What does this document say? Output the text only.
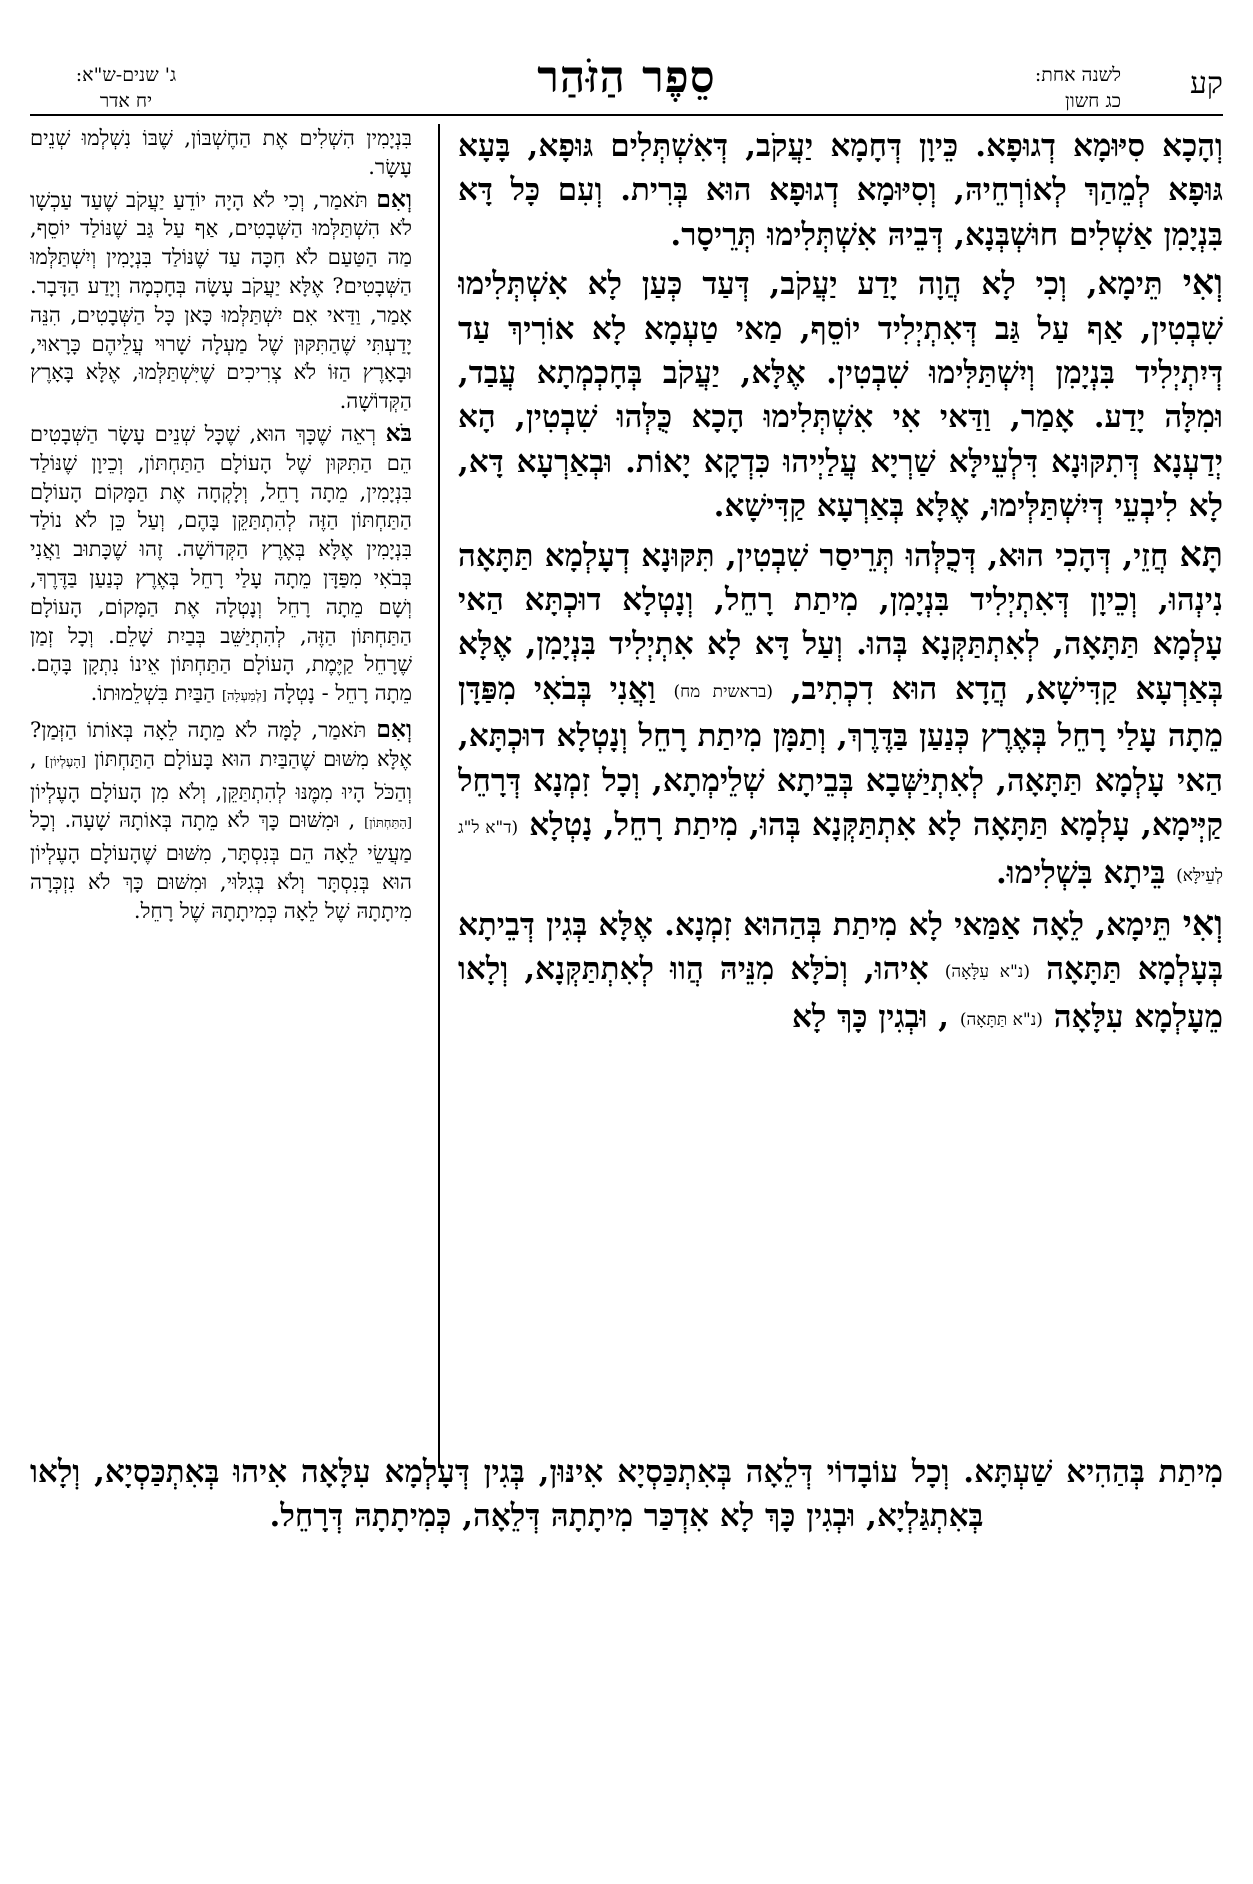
קע
לשנה אחת:
כג חשון
סֵפֶר הַזֹּהַר
ג' שנים-ש"א:
יח אדר

וְהָכָא סִיּוּמָא דְגוּפָא. כֵּיוָן דְּחָמָא יַעֲקֹב, דְּאִשְׁתְּלִים גּוּפָא, בָּעָא גּוּפָא לְמֵהַךְ לְאוֹרְחֵיהּ, וְסִיּוּמָא דְגוּפָא הוּא בְּרִית. וְעִם כָּל דָּא בִּנְיָמִן אַשְׁלִים חוּשְׁבְּנָא, דְּבֵיהּ אִשְׁתְּלִימוּ תְּרֵיסָר.

וְאִי תֵּימָא, וְכִי לָא הֲוָה יָדַע יַעֲקֹב, דְּעַד כְּעַן לָא אִשְׁתְּלִימוּ שִׁבְטִין, אַף עַל גַּב דְּאִתְיְלִיד יוֹסֵף, מַאי טַעְמָא לָא אוֹרִיךְ עַד דְּיִתְיְלִיד בִּנְיָמִן וְיִשְׁתַּלִּימוּ שִׁבְטִין. אֶלָּא, יַעֲקֹב בְּחָכְמְתָא עֲבַד, וּמִלָּה יָדַע. אָמַר, וַדַּאי אִי אִשְׁתְּלִימוּ הָכָא כֻּלְּהוּ שִׁבְטִין, הָא יְדַעְנָא דְּתִקּוּנָא דִּלְעֵילָּא שַׁרְיָא עֲלַיְיהוּ כִּדְקָא יָאוֹת. וּבְאַרְעָא דָּא, לָא לִיבְעֵי דְּיִשְׁתַּלְּימוּ, אֶלָּא בְּאַרְעָא קַדִּישָׁא.

תָּא חֲזֵי, דְּהָכִי הוּא, דְּכֻלְּהוּ תְּרֵיסַר שִׁבְטִין, תִּקּוּנָא דְעָלְמָא תַּתָּאָה נִינְהוּ, וְכֵיוָן דְּאִתְיְלִיד בִּנְיָמִן, מִיתַת רָחֵל, וְנָטְלָא דוּכְתָּא הַאי עָלְמָא תַּתָּאָה, לְאִתְתַּקְּנָא בְּהוּ. וְעַל דָּא לָא אִתְיְלִיד בִּנְיָמִן, אֶלָּא בְּאַרְעָא קַדִּישָׁא, הֲדָא הוּא דִכְתִיב, (בראשית מח) וַאֲנִי בְּבֹאִי מִפַּדָּן מֵתָה עָלַי רָחֵל בְּאֶרֶץ כְּנַעַן בַּדֶּרֶךְ, וְתַמָּן מִיתַת רָחֵל וְנָטְלָא דוּכְתָּא, הַאי עָלְמָא תַּתָּאָה, לְאִתְיַשְּׁבָא בְּבֵיתָא שְׁלֵימְתָא, וְכָל זִמְנָא דְּרָחֵל קַיְּימָא, עָלְמָא תַּתָּאָה לָא אִתְתַּקְּנָא בְּהוּ, מִיתַת רָחֵל, נָטְלָא (ד"א ל"ג לְעֵילָּא) בֵּיתָא בִּשְׁלִימוּ.

וְאִי תֵּימָא, לֵאָה אַמַּאי לָא מִיתַת בְּהַהוּא זִמְנָא. אֶלָּא בְּגִין דְּבֵיתָא בְּעָלְמָא תַּתָּאָה (נ"א עִלָּאָה) אִיהוּ, וְכֹלָּא מִנֵּיהּ הֲווּ לְאִתְתַּקְּנָא, וְלָאו מֵעָלְמָא עִלָּאָה (נ"א תַּתָּאָה) , וּבְגִין כָּךְ לָא

בִּנְיָמִין הִשְׁלִים אֶת הַחֶשְׁבּוֹן, שֶׁבּוֹ נִשְׁלְמוּ שְׁנֵים עָשָׂר.

וְאִם תֹּאמַר, וְכִי לֹא הָיָה יוֹדֵעַ יַעֲקֹב שֶׁעַד עַכְשָׁו לֹא הִשְׁתַּלְּמוּ הַשְּׁבָטִים, אַף עַל גַּב שֶׁנּוֹלַד יוֹסֵף, מַה הַטַּעַם לֹא חִכָּה עַד שֶׁנּוֹלַד בִּנְיָמִין וְיִשְׁתַּלְּמוּ הַשְּׁבָטִים? אֶלָּא יַעֲקֹב עָשָׂה בְּחָכְמָה וְיָדַע הַדָּבָר. אָמַר, וַדַּאי אִם יִשְׁתַּלְּמוּ כָּאן כָּל הַשְּׁבָטִים, הִנֵּה יָדַעְתִּי שֶׁהַתִּקּוּן שֶׁל מַעְלָה שָׁרוּי עֲלֵיהֶם כָּרָאוּי, וּבָאָרֶץ הַזּוֹ לֹא צְרִיכִים שֶׁיִּשְׁתַּלְּמוּ, אֶלָּא בָּאָרֶץ הַקְּדוֹשָׁה.

בֹּא רְאֵה שֶׁכָּךְ הוּא, שֶׁכָּל שְׁנֵים עָשָׂר הַשְּׁבָטִים הֵם הַתִּקּוּן שֶׁל הָעוֹלָם הַתַּחְתּוֹן, וְכֵיוָן שֶׁנּוֹלַד בִּנְיָמִין, מֵתָה רָחֵל, וְלָקְחָה אֶת הַמָּקוֹם הָעוֹלָם הַתַּחְתּוֹן הַזֶּה לְהִתְתַּקֵּן בָּהֶם, וְעַל כֵּן לֹא נוֹלַד בִּנְיָמִין אֶלָּא בְּאֶרֶץ הַקְּדוֹשָׁה. זֶהוּ שֶׁכָּתוּב וַאֲנִי בְּבֹאִי מִפַּדָּן מֵתָה עָלַי רָחֵל בְּאֶרֶץ כְּנַעַן בַּדֶּרֶךְ, וְשָׁם מֵתָה רָחֵל וְנָטְלָה אֶת הַמָּקוֹם, הָעוֹלָם הַתַּחְתּוֹן הַזֶּה, לְהִתְיַשֵּׁב בְּבַיִת שָׁלֵם. וְכָל זְמַן שֶׁרָחֵל קַיֶּמֶת, הָעוֹלָם הַתַּחְתּוֹן אֵינוֹ נִתְקָן בָּהֶם. מֵתָה רָחֵל - נָטְלָה [לְמַעְלָה] הַבַּיִת בִּשְׁלֵמוּתוֹ.

וְאִם תֹּאמַר, לָמָּה לֹא מֵתָה לֵאָה בְּאוֹתוֹ הַזְּמַן? אֶלָּא מִשּׁוּם שֶׁהַבַּיִת הוּא בָּעוֹלָם הַתַּחְתּוֹן [הָעֶלְיוֹן] , וְהַכֹּל הָיוּ מִמֶּנּוּ לְהִתְתַּקֵּן, וְלֹא מִן הָעוֹלָם הָעֶלְיוֹן [הַתַּחְתּוֹן] , וּמִשּׁוּם כָּךְ לֹא מֵתָה בְּאוֹתָהּ שָׁעָה. וְכָל מַעֲשֵׂי לֵאָה הֵם בְּנִסְתָּר, מִשּׁוּם שֶׁהָעוֹלָם הָעֶלְיוֹן הוּא בְּנִסְתָּר וְלֹא בְּגִלּוּי, וּמִשּׁוּם כָּךְ לֹא נִזְכְּרָה מִיתָתָהּ שֶׁל לֵאָה כְּמִיתָתָהּ שֶׁל רָחֵל.

מִיתַת בְּהַהִיא שַׁעְתָּא. וְכָל עוֹבָדוֹי דְּלֵאָה בְּאִתְכַּסְיָא אִינּוּן, בְּגִין דְּעָלְמָא עִלָּאָה אִיהוּ בְּאִתְכַּסְיָא, וְלָאו בְּאִתְגַּלְיָא, וּבְגִין כָּךְ לָא אִדְכַּר מִיתָתָהּ דְּלֵאָה, כְּמִיתָתָהּ דְּרָחֵל.
